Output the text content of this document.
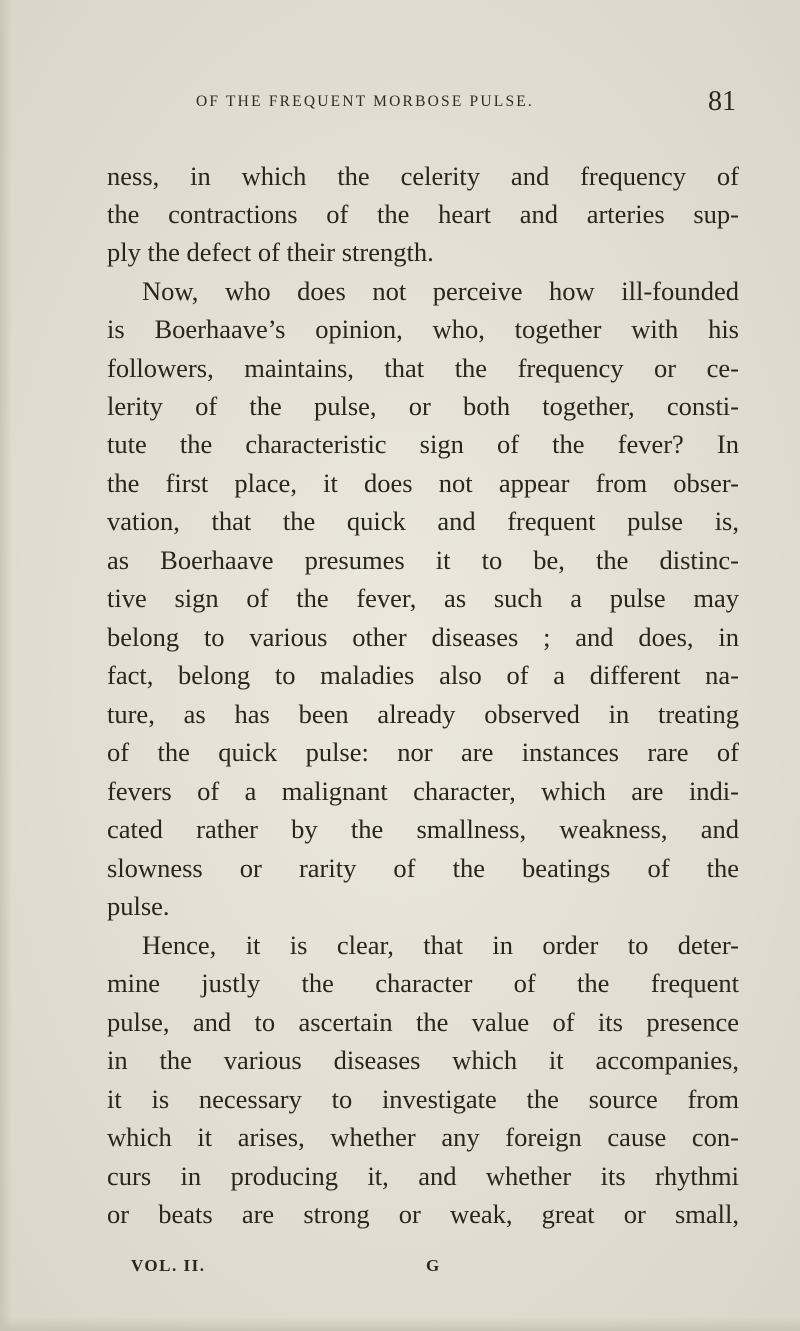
OF THE FREQUENT MORBOSE PULSE.	81
ness, in which the celerity and frequency of
the contractions of the heart and arteries sup-
ply the defect of their strength.
Now, who does not perceive how ill-founded
is Boerhaave’s opinion, who, together with his
followers, maintains, that the frequency or ce-
lerity of the pulse, or both together, consti-
tute the characteristic sign of the fever? In
the first place, it does not appear from obser-
vation, that the quick and frequent pulse is,
as Boerhaave presumes it to be, the distinc-
tive sign of the fever, as such a pulse may
belong to various other diseases ; and does, in
fact, belong to maladies also of a different na-
ture, as has been already observed in treating
of the quick pulse: nor are instances rare of
fevers of a malignant character, which are indi-
cated rather by the smallness, weakness, and
slowness or rarity of the beatings of the
pulse.
Hence, it is clear, that in order to deter-
mine justly the character of the frequent
pulse, and to ascertain the value of its presence
in the various diseases which it accompanies,
it is necessary to investigate the source from
which it arises, whether any foreign cause con-
curs in producing it, and whether its rhythmi
or beats are strong or weak, great or small,
VOL. II.	G
